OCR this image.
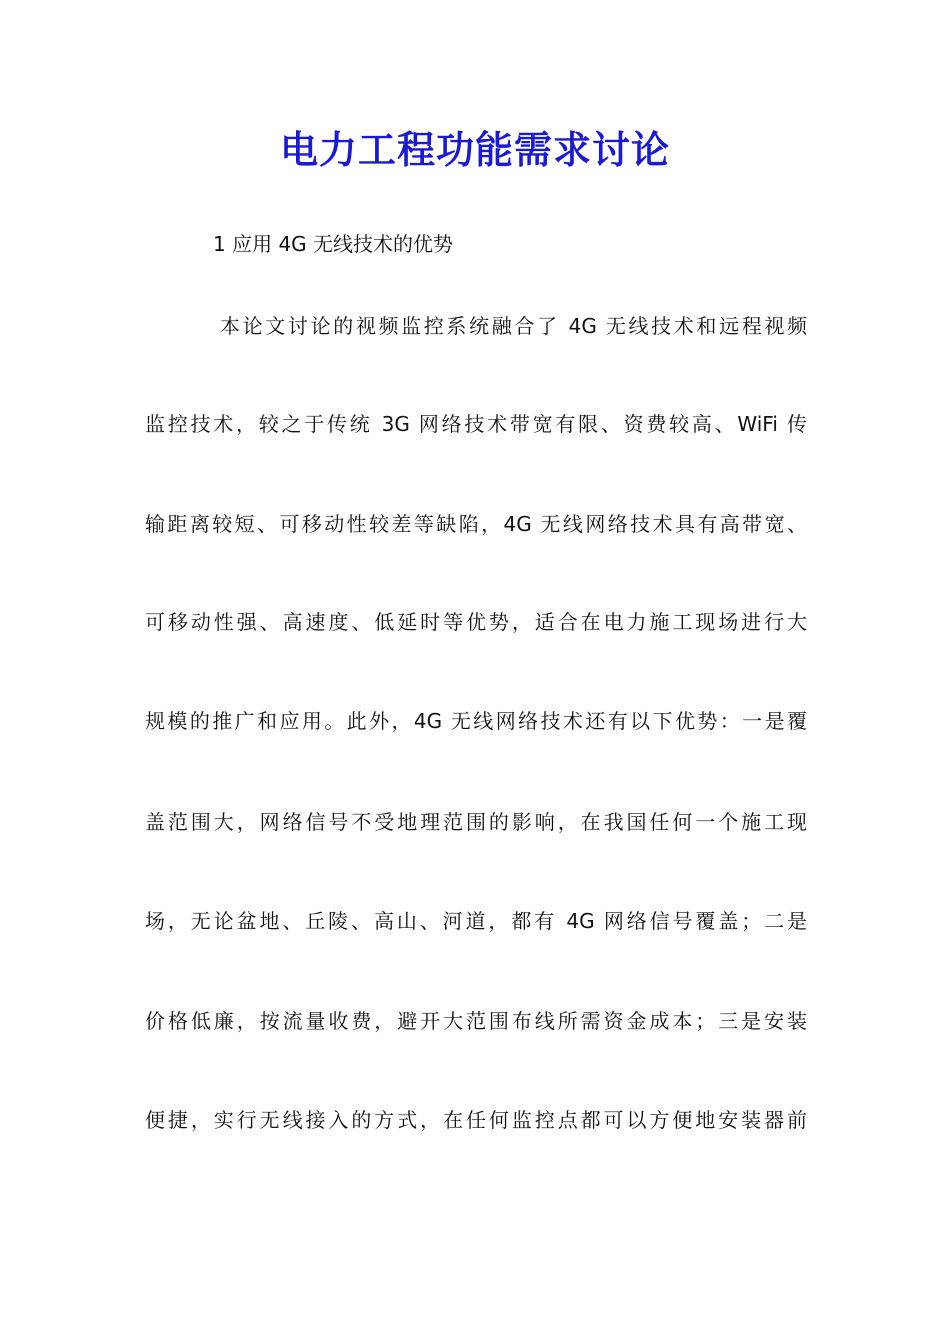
电力工程功能需求讨论
1 应用 4G 无线技术的优势
本论文讨论的视频监控系统融合了 4G 无线技术和远程视频
监控技术，较之于传统 3G 网络技术带宽有限、资费较高、WiFi 传
输距离较短、可移动性较差等缺陷，4G 无线网络技术具有高带宽、
可移动性强、高速度、低延时等优势，适合在电力施工现场进行大
规模的推广和应用。此外，4G 无线网络技术还有以下优势：一是覆
盖范围大，网络信号不受地理范围的影响，在我国任何一个施工现
场，无论盆地、丘陵、高山、河道，都有 4G 网络信号覆盖；二是
价格低廉，按流量收费，避开大范围布线所需资金成本；三是安装
便捷，实行无线接入的方式，在任何监控点都可以方便地安装器前
